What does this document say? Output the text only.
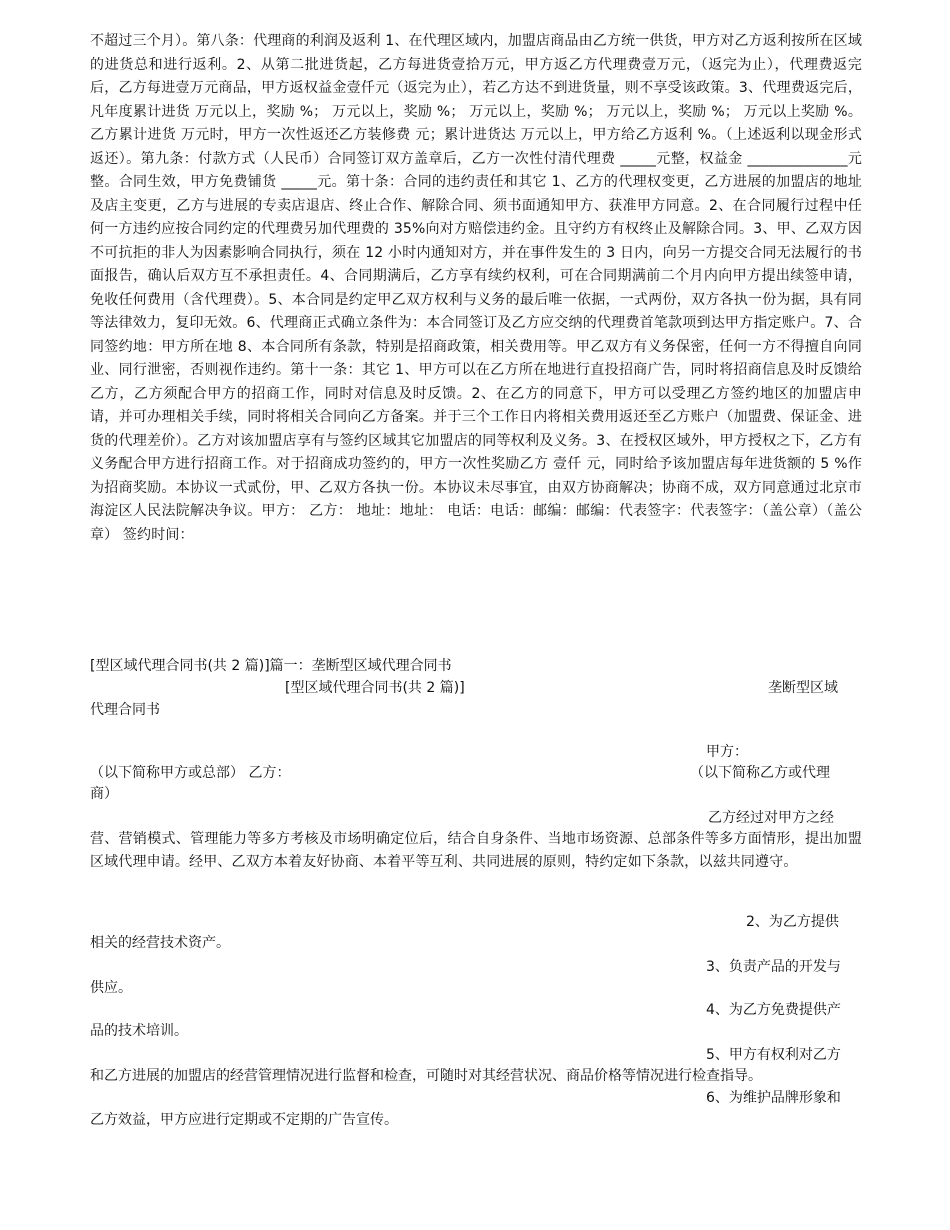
不超过三个月）。第八条：代理商的利润及返利 1、在代理区域内，加盟店商品由乙方统一供货，甲方对乙方返利按所在区域的进货总和进行返利。2、从第二批进货起，乙方每进货壹拾万元，甲方返乙方代理费壹万元，（返完为止），代理费返完后，乙方每进壹万元商品，甲方返权益金壹仟元（返完为止），若乙方达不到进货量，则不享受该政策。3、代理费返完后，凡年度累计进货 万元以上，奖励 %； 万元以上，奖励 %； 万元以上，奖励 %； 万元以上，奖励 %； 万元以上奖励 %。乙方累计进货 万元时，甲方一次性返还乙方装修费 元；累计进货达 万元以上，甲方给乙方返利 %。（上述返利以现金形式返还）。第九条：付款方式（人民币）合同签订双方盖章后，乙方一次性付清代理费 _____元整，权益金 ______________元整。合同生效，甲方免费铺货 _____元。第十条：合同的违约责任和其它 1、乙方的代理权变更，乙方进展的加盟店的地址及店主变更，乙方与进展的专卖店退店、终止合作、解除合同、须书面通知甲方、获准甲方同意。2、在合同履行过程中任何一方违约应按合同约定的代理费另加代理费的 35%向对方赔偿违约金。且守约方有权终止及解除合同。3、甲、乙双方因不可抗拒的非人为因素影响合同执行，须在 12 小时内通知对方，并在事件发生的 3 日内，向另一方提交合同无法履行的书面报告，确认后双方互不承担责任。4、合同期满后，乙方享有续约权利，可在合同期满前二个月内向甲方提出续签申请，免收任何费用（含代理费）。5、本合同是约定甲乙双方权利与义务的最后唯一依据，一式两份，双方各执一份为据，具有同等法律效力，复印无效。6、代理商正式确立条件为：本合同签订及乙方应交纳的代理费首笔款项到达甲方指定账户。7、合同签约地：甲方所在地 8、本合同所有条款，特别是招商政策，相关费用等。甲乙双方有义务保密，任何一方不得擅自向同业、同行泄密，否则视作违约。第十一条：其它 1、甲方可以在乙方所在地进行直投招商广告，同时将招商信息及时反馈给乙方，乙方须配合甲方的招商工作，同时对信息及时反馈。2、在乙方的同意下，甲方可以受理乙方签约地区的加盟店申请，并可办理相关手续，同时将相关合同向乙方备案。并于三个工作日内将相关费用返还至乙方账户（加盟费、保证金、进货的代理差价）。乙方对该加盟店享有与签约区域其它加盟店的同等权利及义务。3、在授权区域外，甲方授权之下，乙方有义务配合甲方进行招商工作。对于招商成功签约的，甲方一次性奖励乙方 壹仟 元，同时给予该加盟店每年进货额的 5 %作为招商奖励。本协议一式贰份，甲、乙双方各执一份。本协议未尽事宜，由双方协商解决；协商不成，双方同意通过北京市海淀区人民法院解决争议。甲方： 乙方： 地址：地址： 电话：电话：邮编：邮编：代表签字：代表签字：（盖公章）（盖公章） 签约时间：

[型区域代理合同书(共 2 篇)]篇一：垄断型区域代理合同书

[型区域代理合同书(共 2 篇)]	垄断型区域

代理合同书

甲方：

（以下简称甲方或总部） 乙方：	（以下简称乙方或代理

商）

乙方经过对甲方之经

营、营销模式、管理能力等多方考核及市场明确定位后，结合自身条件、当地市场资源、总部条件等多方面情形，提出加盟区域代理申请。经甲、乙双方本着友好协商、本着平等互利、共同进展的原则，特约定如下条款，以兹共同遵守。

2、为乙方提供

相关的经营技术资产。

3、负责产品的开发与

供应。

4、为乙方免费提供产

品的技术培训。

5、甲方有权利对乙方

和乙方进展的加盟店的经营管理情况进行监督和检查，可随时对其经营状况、商品价格等情况进行检查指导。

6、为维护品牌形象和

乙方效益，甲方应进行定期或不定期的广告宣传。
